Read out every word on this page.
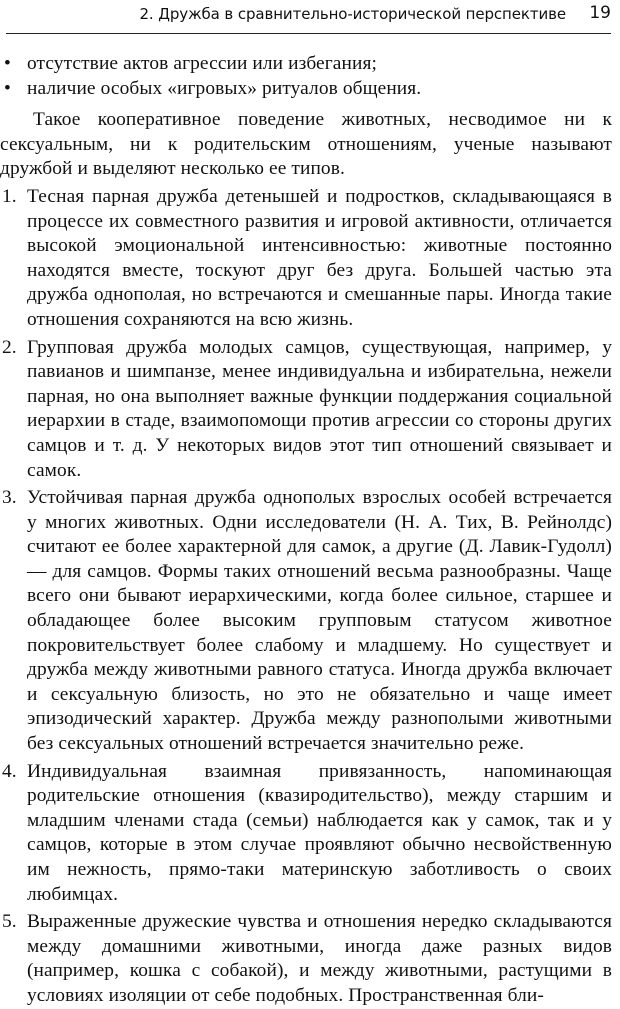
2. Дружба в сравнительно-исторической перспективе 19
• отсутствие актов агрессии или избегания;
• наличие особых «игровых» ритуалов общения.

Такое кооперативное поведение животных, несводимое ни к сексуальным, ни к родительским отношениям, ученые называют дружбой и выделяют несколько ее типов.

1. Тесная парная дружба детенышей и подростков, складывающаяся в процессе их совместного развития и игровой активности, отличается высокой эмоциональной интенсивностью: животные постоянно находятся вместе, тоскуют друг без друга. Большей частью эта дружба однополая, но встречаются и смешанные пары. Иногда такие отношения сохраняются на всю жизнь.
2. Групповая дружба молодых самцов, существующая, например, у павианов и шимпанзе, менее индивидуальна и избирательна, нежели парная, но она выполняет важные функции поддержания социальной иерархии в стаде, взаимопомощи против агрессии со стороны других самцов и т. д. У некоторых видов этот тип отношений связывает и самок.
3. Устойчивая парная дружба однополых взрослых особей встречается у многих животных. Одни исследователи (Н. А. Тих, В. Рейнолдс) считают ее более характерной для самок, а другие (Д. Лавик-Гудолл) — для самцов. Формы таких отношений весьма разнообразны. Чаще всего они бывают иерархическими, когда более сильное, старшее и обладающее более высоким групповым статусом животное покровительствует более слабому и младшему. Но существует и дружба между животными равного статуса. Иногда дружба включает и сексуальную близость, но это не обязательно и чаще имеет эпизодический характер. Дружба между разнополыми животными без сексуальных отношений встречается значительно реже.
4. Индивидуальная взаимная привязанность, напоминающая родительские отношения (квазиродительство), между старшим и младшим членами стада (семьи) наблюдается как у самок, так и у самцов, которые в этом случае проявляют обычно несвойственную им нежность, прямо-таки материнскую заботливость о своих любимцах.
5. Выраженные дружеские чувства и отношения нередко складываются между домашними животными, иногда даже разных видов (например, кошка с собакой), и между животными, растущими в условиях изоляции от себе подобных. Пространственная бли-
